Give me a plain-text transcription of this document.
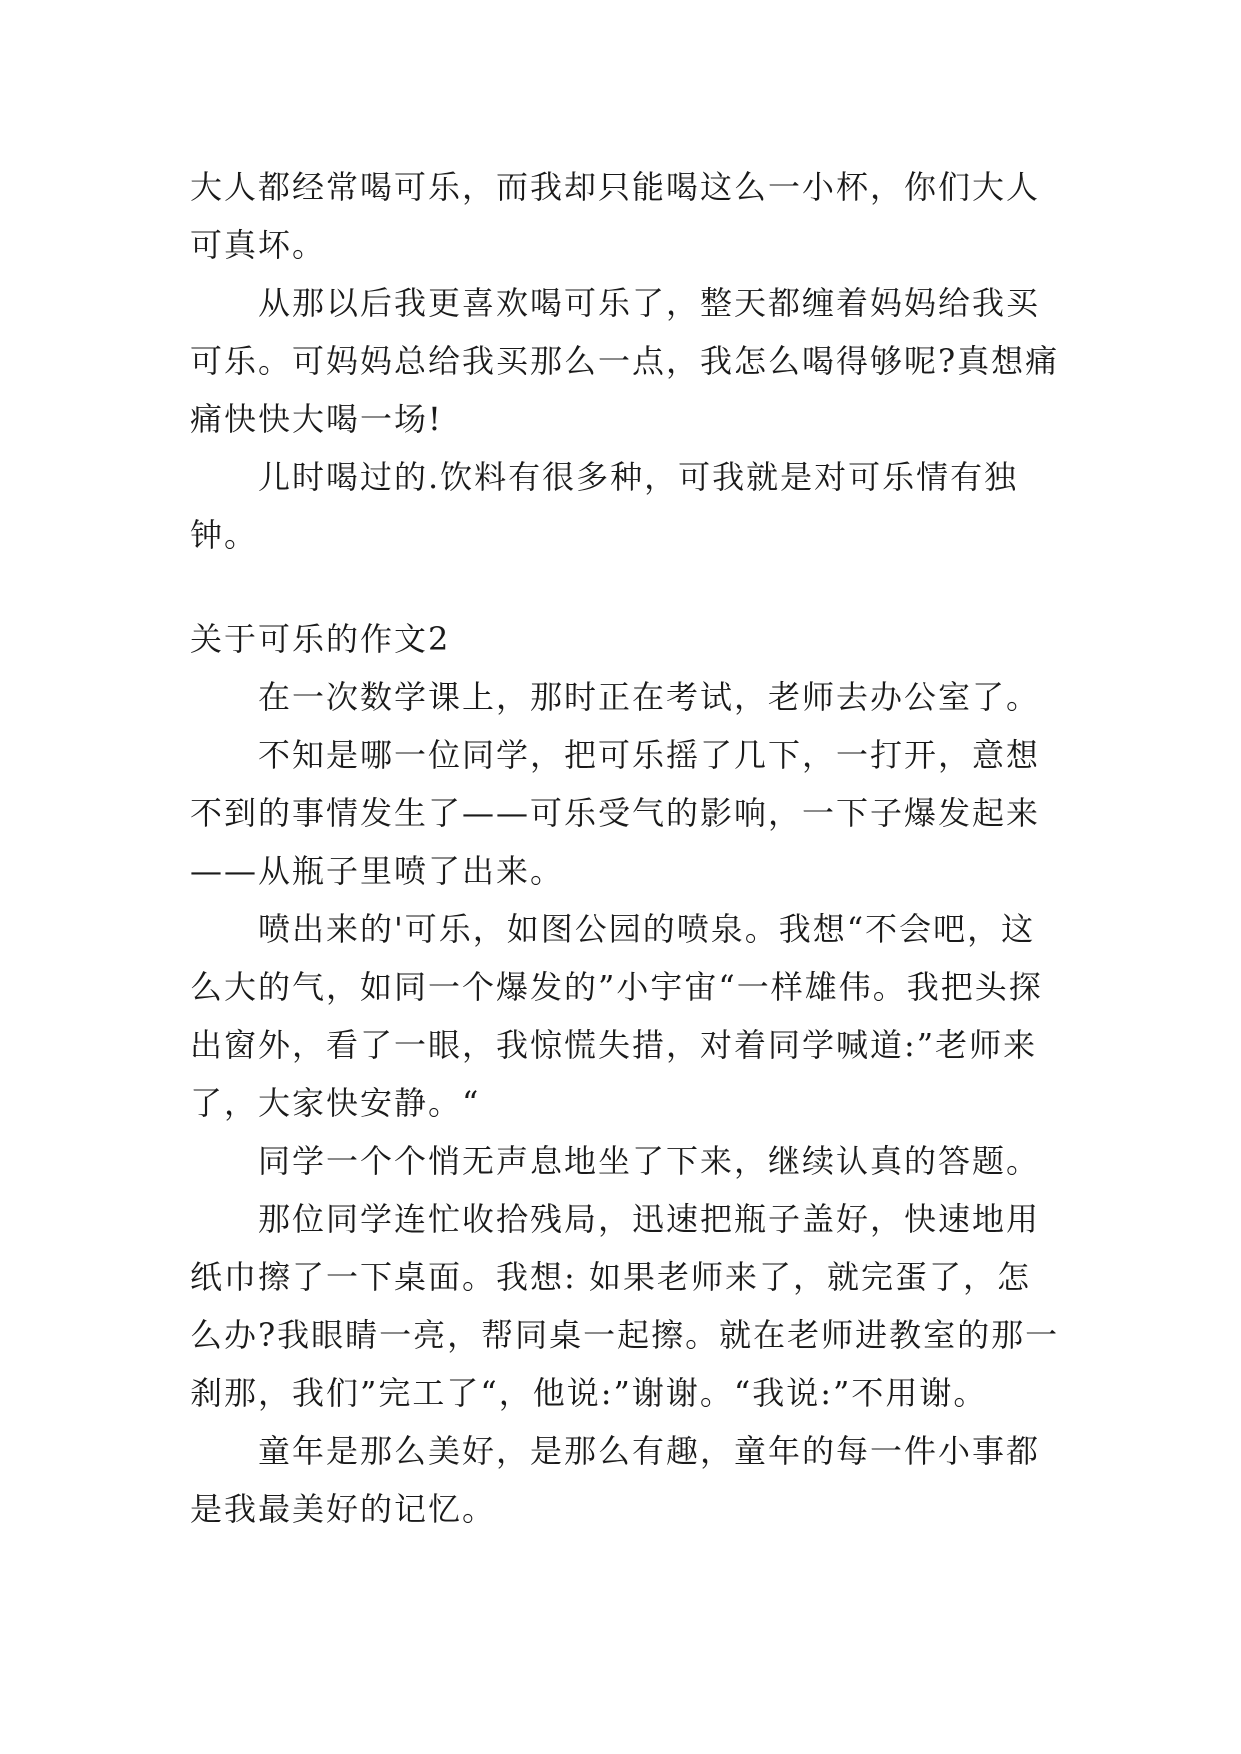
大人都经常喝可乐，而我却只能喝这么一小杯，你们大人可真坏。

从那以后我更喜欢喝可乐了，整天都缠着妈妈给我买可乐。可妈妈总给我买那么一点，我怎么喝得够呢?真想痛痛快快大喝一场!

儿时喝过的.饮料有很多种，可我就是对可乐情有独钟。

关于可乐的作文2

在一次数学课上，那时正在考试，老师去办公室了。

不知是哪一位同学，把可乐摇了几下，一打开，意想不到的事情发生了——可乐受气的影响，一下子爆发起来——从瓶子里喷了出来。

喷出来的'可乐，如图公园的喷泉。我想“不会吧，这么大的气，如同一个爆发的”小宇宙“一样雄伟。我把头探出窗外，看了一眼，我惊慌失措，对着同学喊道:”老师来了，大家快安静。“

同学一个个悄无声息地坐了下来，继续认真的答题。

那位同学连忙收拾残局，迅速把瓶子盖好，快速地用纸巾擦了一下桌面。我想: 如果老师来了，就完蛋了，怎么办?我眼睛一亮，帮同桌一起擦。就在老师进教室的那一刹那，我们”完工了“，他说:”谢谢。“我说:”不用谢。

童年是那么美好，是那么有趣，童年的每一件小事都是我最美好的记忆。
